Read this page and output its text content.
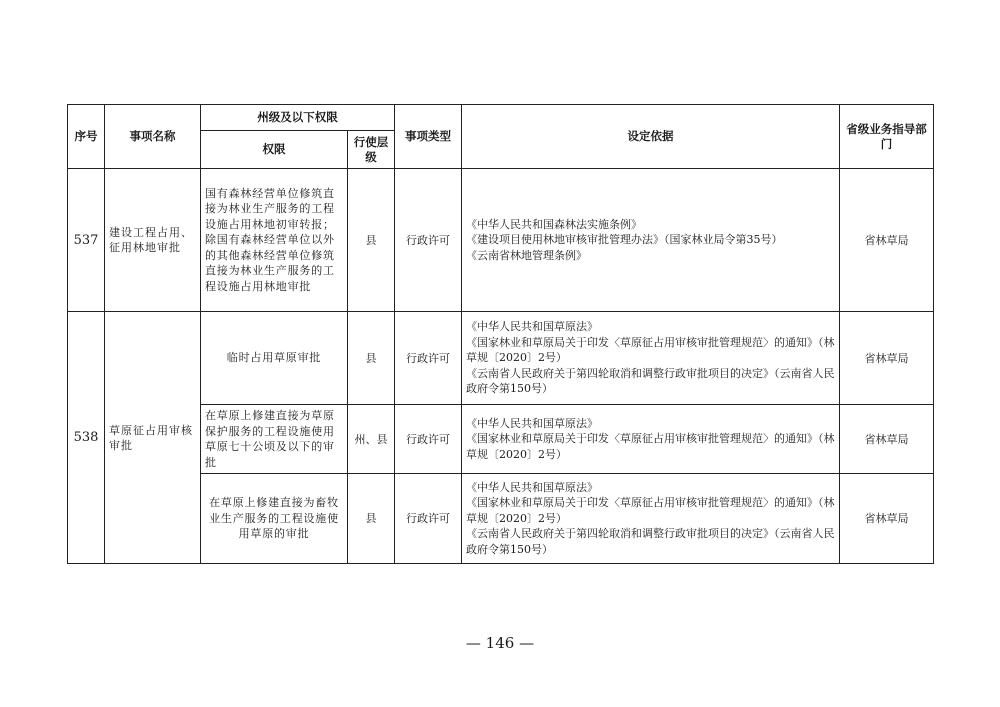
序号	事项名称	州级及以下权限		事项类型	设定依据	省级业务指导部门
		权限	行使层级			
537	建设工程占用、征用林地审批	国有森林经营单位修筑直接为林业生产服务的工程设施占用林地初审转报；除国有森林经营单位以外的其他森林经营单位修筑直接为林业生产服务的工程设施占用林地审批	县	行政许可	《中华人民共和国森林法实施条例》
《建设项目使用林地审核审批管理办法》（国家林业局令第35号）
《云南省林地管理条例》	省林草局
538	草原征占用审核审批	临时占用草原审批	县	行政许可	《中华人民共和国草原法》
《国家林业和草原局关于印发〈草原征占用审核审批管理规范〉的通知》（林草规〔2020〕2号）
《云南省人民政府关于第四轮取消和调整行政审批项目的决定》（云南省人民政府令第150号）	省林草局
		在草原上修建直接为草原保护服务的工程设施使用草原七十公顷及以下的审批	州、县	行政许可	《中华人民共和国草原法》
《国家林业和草原局关于印发〈草原征占用审核审批管理规范〉的通知》（林草规〔2020〕2号）	省林草局
		在草原上修建直接为畜牧业生产服务的工程设施使用草原的审批	县	行政许可	《中华人民共和国草原法》
《国家林业和草原局关于印发〈草原征占用审核审批管理规范〉的通知》（林草规〔2020〕2号）
《云南省人民政府关于第四轮取消和调整行政审批项目的决定》（云南省人民政府令第150号）	省林草局
— 146 —
